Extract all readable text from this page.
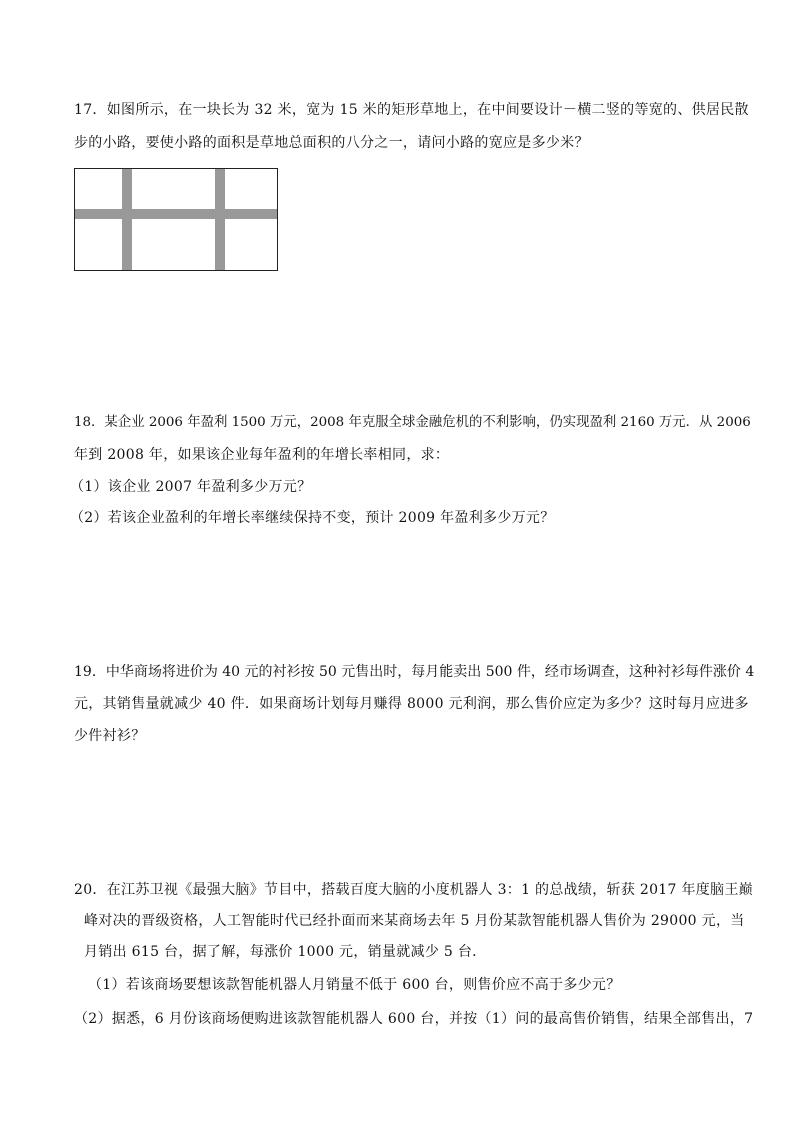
17．如图所示，在一块长为 32 米，宽为 15 米的矩形草地上，在中间要设计－横二竖的等宽的、供居民散
步的小路，要使小路的面积是草地总面积的八分之一，请问小路的宽应是多少米？
18．某企业 2006 年盈利 1500 万元，2008 年克服全球金融危机的不利影响，仍实现盈利 2160 万元．从 2006
年到 2008 年，如果该企业每年盈利的年增长率相同，求：
（1）该企业 2007 年盈利多少万元？
（2）若该企业盈利的年增长率继续保持不变，预计 2009 年盈利多少万元？
19．中华商场将进价为 40 元的衬衫按 50 元售出时，每月能卖出 500 件，经市场调查，这种衬衫每件涨价 4
元，其销售量就减少 40 件．如果商场计划每月赚得 8000 元利润，那么售价应定为多少？这时每月应进多
少件衬衫？
20．在江苏卫视《最强大脑》节目中，搭载百度大脑的小度机器人 3：1 的总战绩，斩获 2017 年度脑王巅
峰对决的晋级资格，人工智能时代已经扑面而来某商场去年 5 月份某款智能机器人售价为 29000 元，当
月销出 615 台，据了解，每涨价 1000 元，销量就减少 5 台．
（1）若该商场要想该款智能机器人月销量不低于 600 台，则售价应不高于多少元？
（2）据悉，6 月份该商场便购进该款智能机器人 600 台，并按（1）问的最高售价销售，结果全部售出，7
